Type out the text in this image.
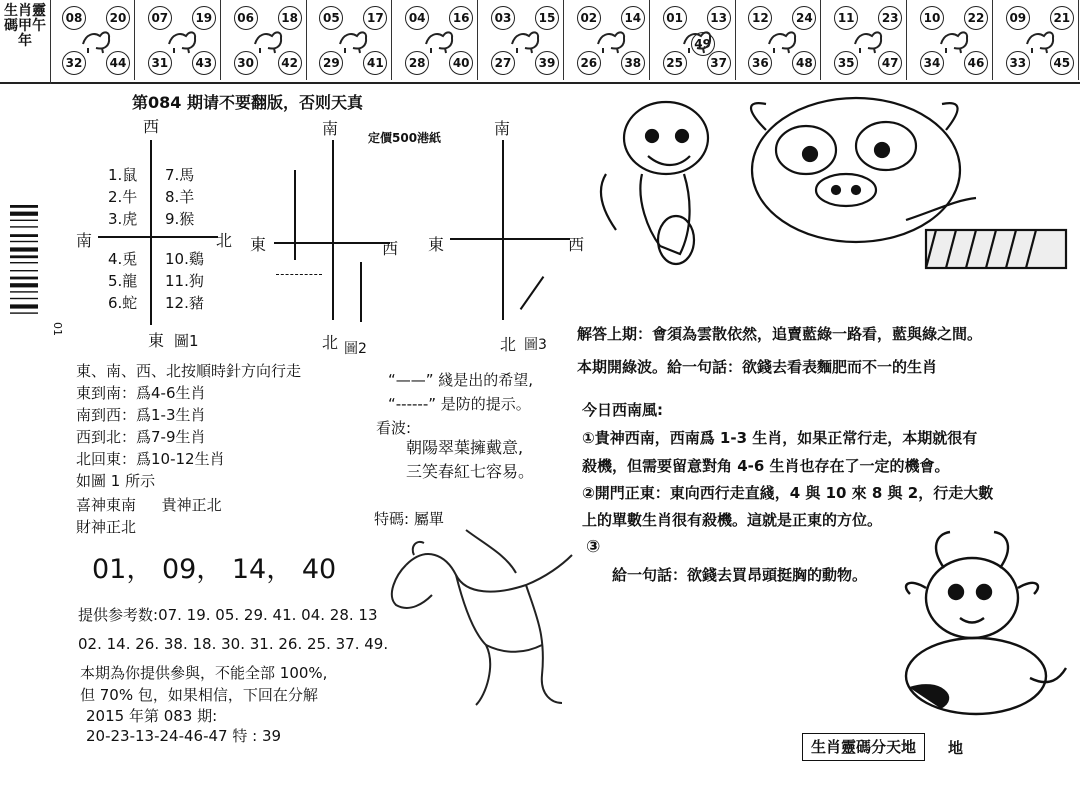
生肖靈碼甲午年
08	20
32	44
07	19
31	43
06	18
30	42
05	17
29	41
04	16
28	40
03	15
27	39
02	14
26	38
01	13
25	37
49
12	24
36	48
11	23
35	47
10	22
34	46
09	21
33	45
第084 期请不要翻版，否则天真
定價500港紙
西
南	北
東 圖1
1.鼠
2.牛
3.虎
4.兎
5.龍
6.蛇
7.馬
8.羊
9.猴
10.鷄
11.狗
12.豬
南
東	西
北 圖2
南
東	西
北 圖3
01
東、南、西、北按順時針方向行走
東到南：爲4-6生肖
南到西：爲1-3生肖
西到北：爲7-9生肖
北回東：爲10-12生肖
如圖 1 所示
喜神東南 貴神正北
財神正北
“——” 綫是出的希望,
“------” 是防的提示。
看波:
朝陽翠葉擁戴意,
三笑春紅七容易。
特碼: 屬單
③
01， 09， 14， 40
提供参考数:07. 19. 05. 29. 41. 04. 28. 13
02. 14. 26. 38. 18. 30. 31. 26. 25. 37. 49.
本期為你提供參與，不能全部 100%,
但 70% 包，如果相信，下回在分解
2015 年第 083 期:
20-23-13-24-46-47 特 : 39
解答上期：會須為雲散依然，追賣藍綠一路看，藍與綠之間。
本期開綠波。給一句話：欲錢去看表麵肥而不一的生肖
今日西南風:
①貴神西南，西南爲 1-3 生肖，如果正常行走，本期就很有
殺機，但需要留意對角 4-6 生肖也存在了一定的機會。
②開門正東：東向西行走直綫，4 與 10 來 8 與 2，行走大數
上的單數生肖很有殺機。這就是正東的方位。
給一句話：欲錢去買昂頭挺胸的動物。
生肖靈碼分天地	地
